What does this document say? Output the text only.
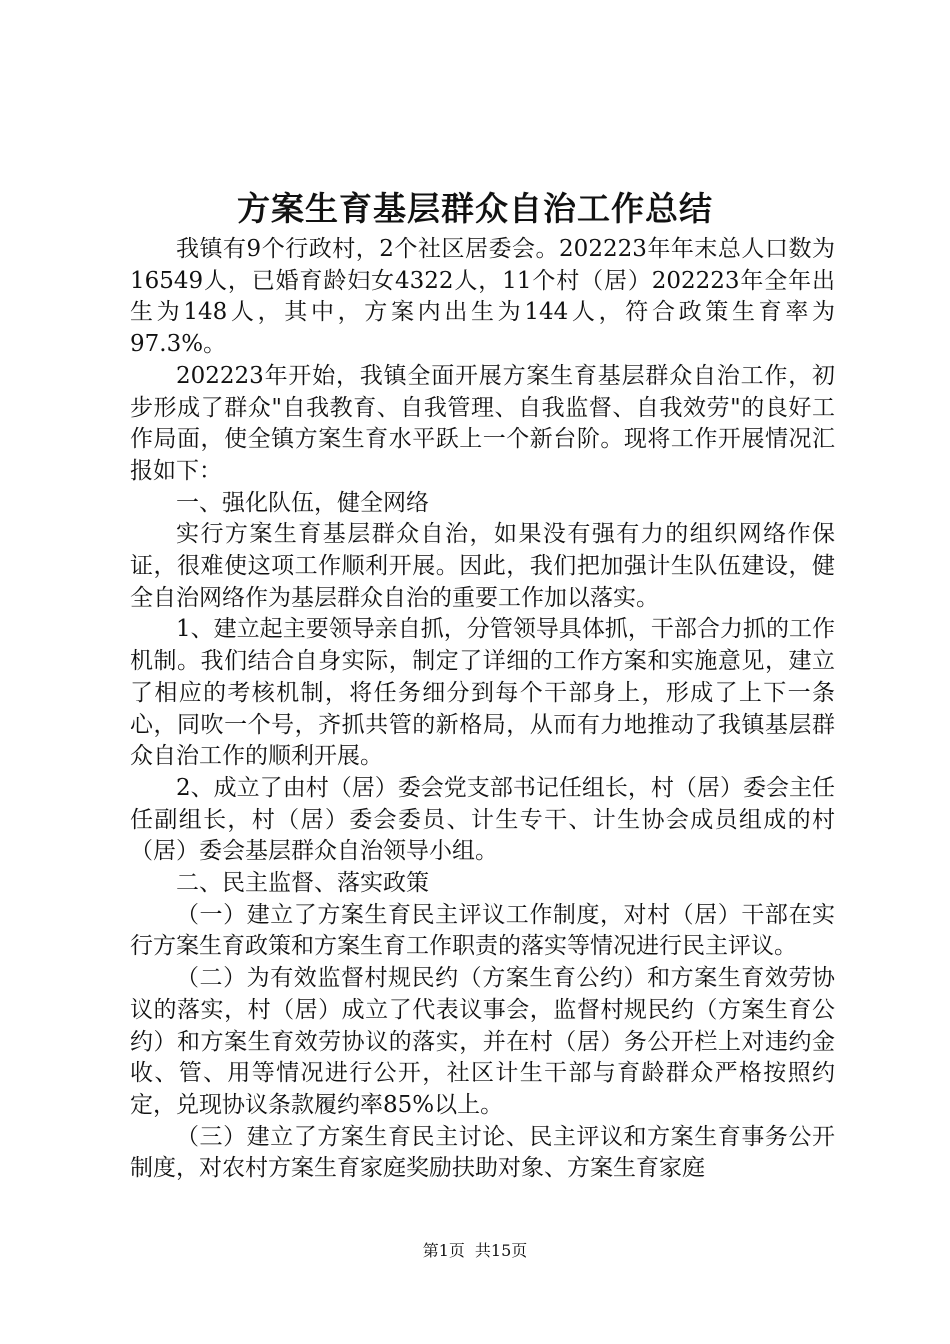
方案生育基层群众自治工作总结

我镇有9个行政村，2个社区居委会。202223年年末总人口数为16549人，已婚育龄妇女4322人，11个村（居）202223年全年出生为148人，其中，方案内出生为144人，符合政策生育率为97.3%。

202223年开始，我镇全面开展方案生育基层群众自治工作，初步形成了群众"自我教育、自我管理、自我监督、自我效劳"的良好工作局面，使全镇方案生育水平跃上一个新台阶。现将工作开展情况汇报如下：

一、强化队伍，健全网络

实行方案生育基层群众自治，如果没有强有力的组织网络作保证，很难使这项工作顺利开展。因此，我们把加强计生队伍建设，健全自治网络作为基层群众自治的重要工作加以落实。

1、建立起主要领导亲自抓，分管领导具体抓，干部合力抓的工作机制。我们结合自身实际，制定了详细的工作方案和实施意见，建立了相应的考核机制，将任务细分到每个干部身上，形成了上下一条心，同吹一个号，齐抓共管的新格局，从而有力地推动了我镇基层群众自治工作的顺利开展。

2、成立了由村（居）委会党支部书记任组长，村（居）委会主任任副组长，村（居）委会委员、计生专干、计生协会成员组成的村（居）委会基层群众自治领导小组。

二、民主监督、落实政策

（一）建立了方案生育民主评议工作制度，对村（居）干部在实行方案生育政策和方案生育工作职责的落实等情况进行民主评议。

（二）为有效监督村规民约（方案生育公约）和方案生育效劳协议的落实，村（居）成立了代表议事会，监督村规民约（方案生育公约）和方案生育效劳协议的落实，并在村（居）务公开栏上对违约金收、管、用等情况进行公开，社区计生干部与育龄群众严格按照约定，兑现协议条款履约率85%以上。

（三）建立了方案生育民主讨论、民主评议和方案生育事务公开制度，对农村方案生育家庭奖励扶助对象、方案生育家庭

第1页 共15页
